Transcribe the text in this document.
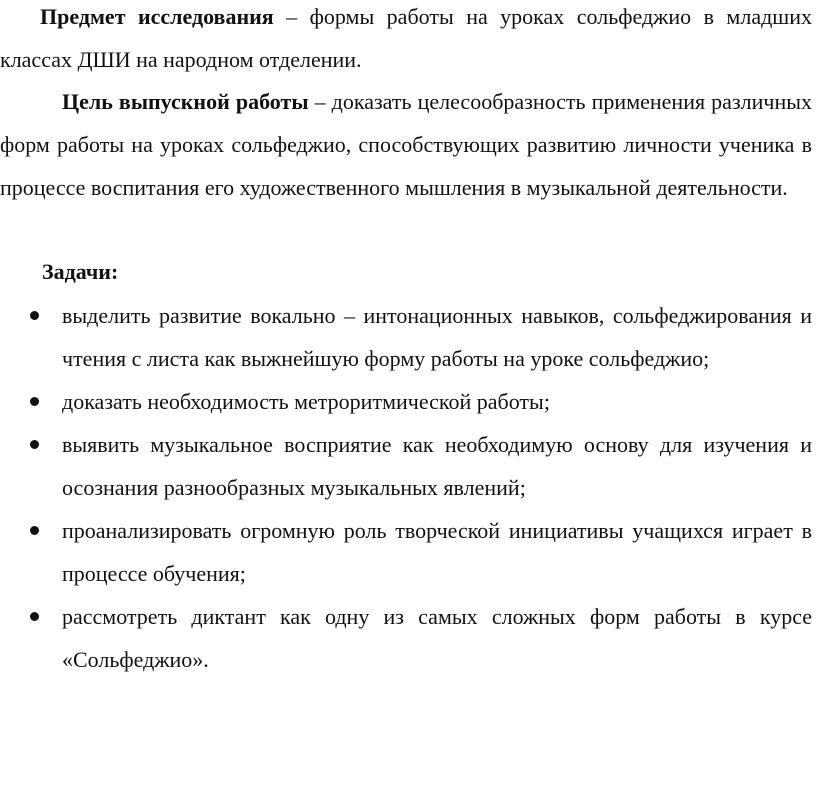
Предмет исследования – формы работы на уроках сольфеджио в младших классах ДШИ на народном отделении.

Цель выпускной работы – доказать целесообразность применения различных форм работы на уроках сольфеджио, способствующих развитию личности ученика в процессе воспитания его художественного мышления в музыкальной деятельности.

Задачи:

выделить развитие вокально – интонационных навыков, сольфеджирования и чтения с листа как выжнейшую форму работы на уроке сольфеджио;
доказать необходимость метроритмической работы;
выявить музыкальное восприятие как необходимую основу для изучения и осознания разнообразных музыкальных явлений;
проанализировать огромную роль творческой инициативы учащихся играет в процессе обучения;
рассмотреть диктант как одну из самых сложных форм работы в курсе «Сольфеджио».
